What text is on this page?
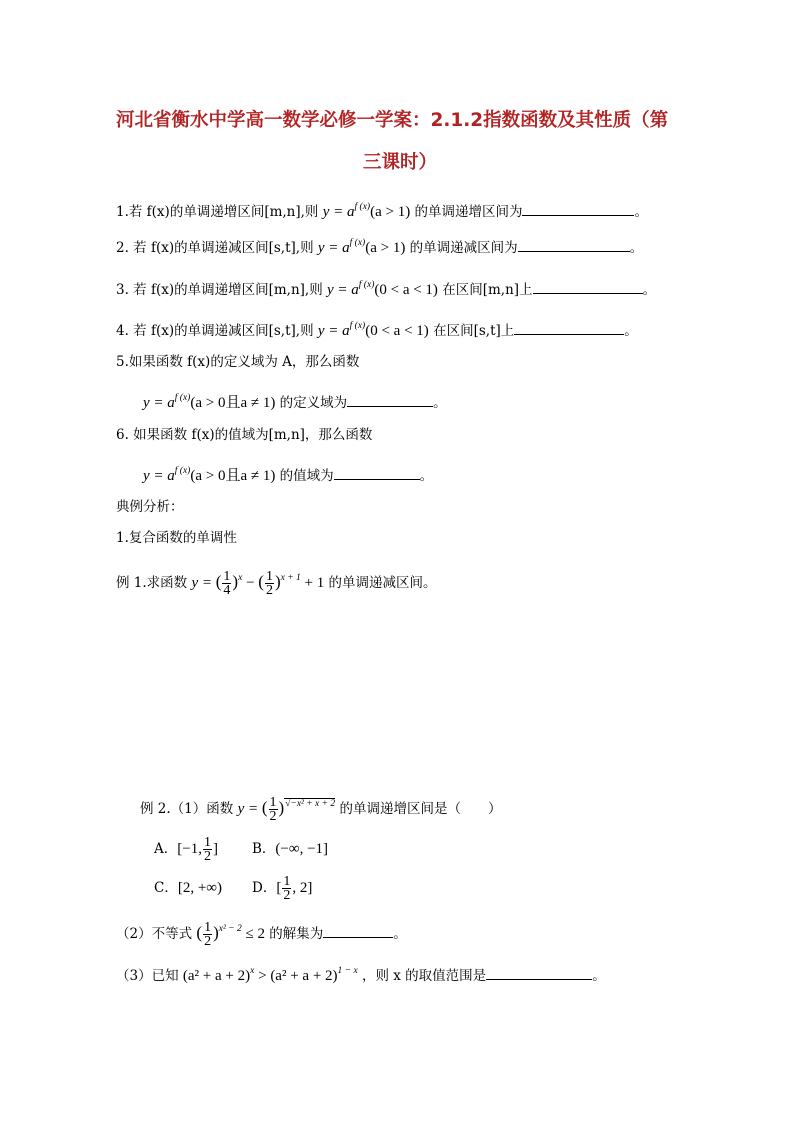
河北省衡水中学高一数学必修一学案：2.1.2指数函数及其性质（第
三课时）
1.若 f(x)的单调递增区间[m,n],则 $y = a^{f (x)}(a > 1)$ 的单调递增区间为	。
2. 若 f(x)的单调递减区间[s,t],则 $y = a^{f (x)}(a > 1)$ 的单调递减区间为	。
3. 若 f(x)的单调递增区间[m,n],则 $y = a^{f (x)}(0 < a < 1)$ 在区间[m,n]上	。
4. 若 f(x)的单调递减区间[s,t],则 $y = a^{f (x)}(0 < a < 1)$ 在区间[s,t]上	。
5.如果函数 f(x)的定义域为 A，那么函数
$y = a^{f (x)}(a > 0$且a ≠ 1) 的定义域为	。
6. 如果函数 f(x)的值域为[m,n]，那么函数
$y = a^{f (x)}(a > 0$且a ≠ 1) 的值域为	。
典例分析：
1.复合函数的单调性
例 1.求函数 y = ( $\frac{1}{4} )^x$ − ( $\frac{1}{2} )^{x + 1} + 1$ 的单调递减区间。
例 2.（1）函数 y = ( $\frac{1}{2} )^{√-x^2 + x + 2}$ 的单调递增区间是（　　）
A．[−1, $\frac{1}{2}$ ]	B．(−∞, −1]
C．[2, +∞) D．[ $\frac{1}{2}$ , 2]
（2）不等式 ( $\frac{1}{2} )^{x^2 - 2} \le 2$ 的解集为	。
（3）已知 $(a^2 + a + 2)^x > (a^2 + a + 2)^{1 - x}$ ，则 x 的取值范围是	。
